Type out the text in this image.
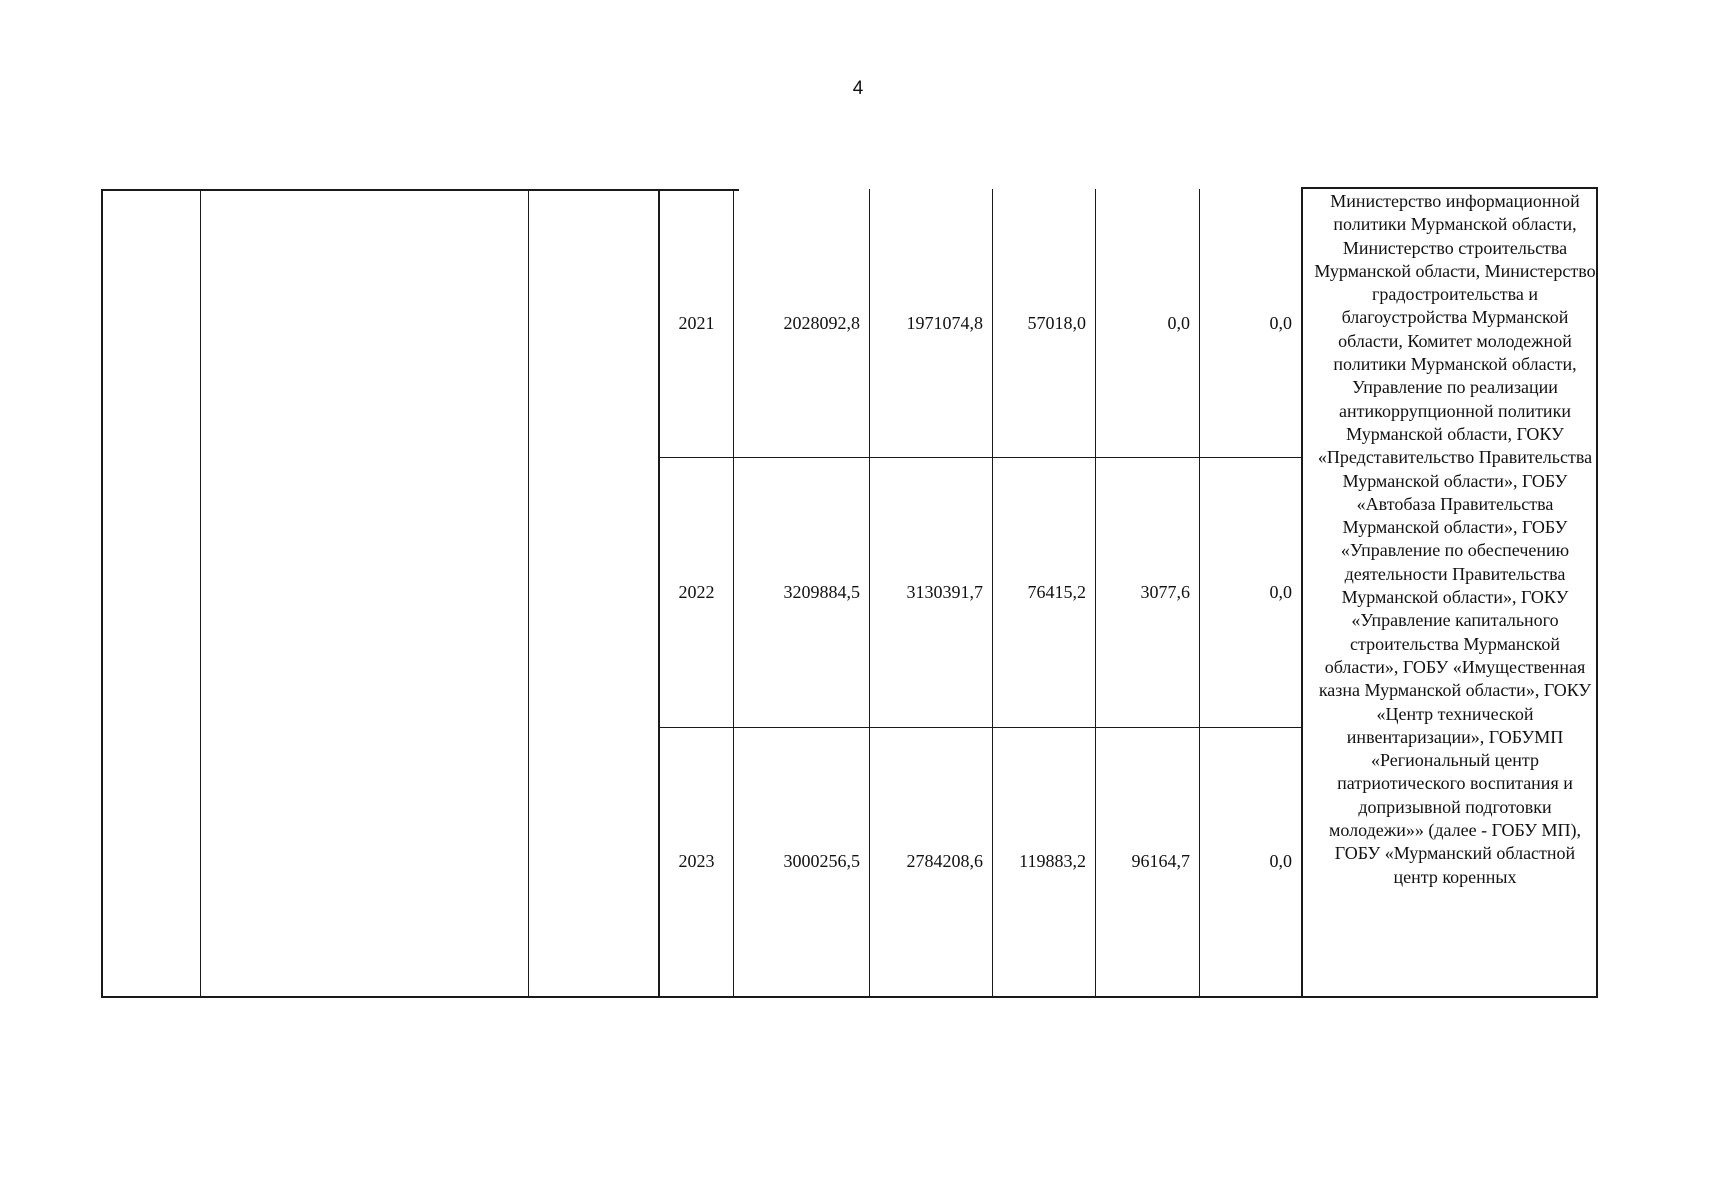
4
2021	2028092,8	1971074,8	57018,0	0,0	0,0
2022	3209884,5	3130391,7	76415,2	3077,6	0,0
2023	3000256,5	2784208,6	119883,2	96164,7	0,0
Министерство информационной политики Мурманской области, Министерство строительства Мурманской области, Министерство градостроительства и благоустройства Мурманской области, Комитет молодежной политики Мурманской области, Управление по реализации антикоррупционной политики Мурманской области, ГОКУ «Представительство Правительства Мурманской области», ГОБУ «Автобаза Правительства Мурманской области», ГОБУ «Управление по обеспечению деятельности Правительства Мурманской области», ГОКУ «Управление капитального строительства Мурманской области», ГОБУ «Имущественная казна Мурманской области», ГОКУ «Центр технической инвентаризации», ГОБУМП «Региональный центр патриотического воспитания и допризывной подготовки молодежи»» (далее - ГОБУ МП), ГОБУ «Мурманский областной центр коренных
